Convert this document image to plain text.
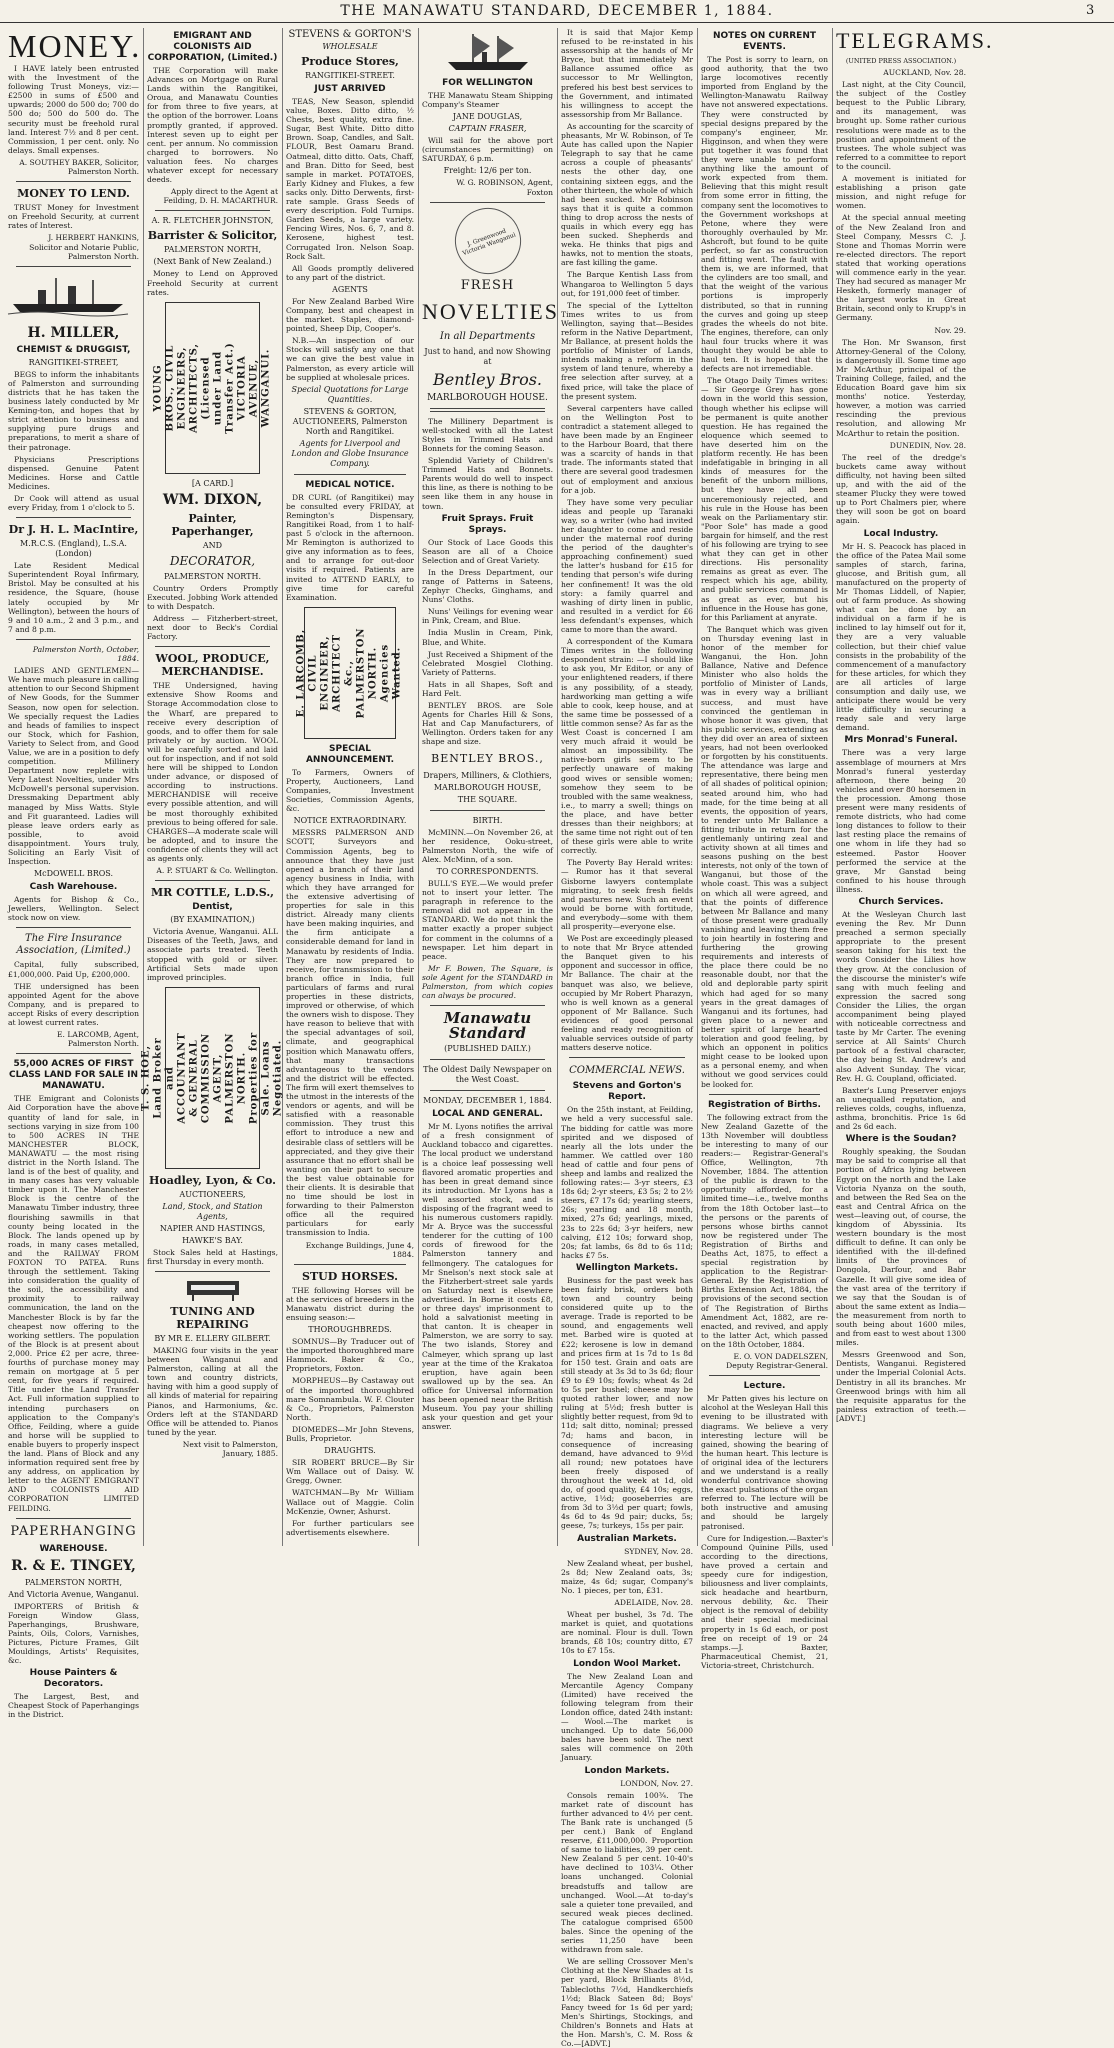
THE MANAWATU STANDARD, DECEMBER 1, 1884.	3
MONEY.

I HAVE lately been entrusted with the Investment of the following Trust Moneys, viz:— £2500 in sums of £500 and upwards; 2000 do 500 do; 700 do 500 do; 500 do 500 do. The security must be freehold rural land. Interest 7½ and 8 per cent. Commission, 1 per cent. only. No delays. Small expenses.

A. SOUTHEY BAKER, Solicitor, Palmerston North.

MONEY TO LEND.

TRUST Money for Investment on Freehold Security, at current rates of Interest.

J. HERBERT HANKINS, Solicitor and Notarie Public, Palmerston North.

H. MILLER,
CHEMIST & DRUGGIST,
RANGITIKEI-STREET,

BEGS to inform the inhabitants of Palmerston and surrounding districts that he has taken the business lately conducted by Mr Keming-ton, and hopes that by strict attention to business and supplying pure drugs and preparations, to merit a share of their patronage.

Physicians Prescriptions dispensed. Genuine Patent Medicines. Horse and Cattle Medicines.

Dr Cook will attend as usual every Friday, from 1 o'clock to 5.

Dr J. H. L. MacIntire,
M.R.C.S. (England), L.S.A. (London)

Late Resident Medical Superintendent Royal Infirmary, Bristol. May be consulted at his residence, the Square, (house lately occupied by Mr Wellington), between the hours of 9 and 10 a.m., 2 and 3 p.m., and 7 and 8 p.m.

Palmerston North, October, 1884.

LADIES AND GENTLEMEN— We have much pleasure in calling attention to our Second Shipment of New Goods, for the Summer Season, now open for selection. We specially request the Ladies and heads of families to inspect our Stock, which for Fashion, Variety to Select from, and Good Value, we are in a position to defy competition. Millinery Department now replete with Very Latest Novelties, under Mrs McDowell's personal supervision. Dressmaking Department ably managed by Miss Watts. Style and Fit guaranteed. Ladies will please leave orders early as possible, to avoid disappointment. Yours truly, Soliciting an Early Visit of Inspection.

McDOWELL BROS.
Cash Warehouse.

Agents for Bishop & Co., Jewellers, Wellington. Select stock now on view.

The Fire Insurance Association, (Limited.)

Capital, fully subscribed, £1,000,000. Paid Up, £200,000.

THE undersigned has been appointed Agent for the above Company, and is prepared to accept Risks of every description at lowest current rates.

E. LARCOMB, Agent, Palmerston North.

55,000 ACRES OF FIRST CLASS LAND FOR SALE IN MANAWATU.

THE Emigrant and Colonists Aid Corporation have the above quantity of land for sale, in sections varying in size from 100 to 500 ACRES IN THE MANCHESTER BLOCK, MANAWATU — the most rising district in the North Island. The land is of the best of quality, and in many cases has very valuable timber upon it. The Manchester Block is the centre of the Manawatu Timber industry, three flourishing sawmills in that county being located in the Block. The lands opened up by roads, in many cases metalled, and the RAILWAY FROM FOXTON TO PATEA. Runs through the settlement. Taking into consideration the quality of the soil, the accessibility and proximity to railway communication, the land on the Manchester Block is by far the cheapest now offering to the working settlers. The population of the Block is at present about 2,000. Price £2 per acre, three-fourths of purchase money may remain on mortgage at 5 per cent, for five years if required. Title under the Land Transfer Act. Full information supplied to intending purchasers on application to the Company's Office, Feilding, where a guide and horse will be supplied to enable buyers to properly inspect the land. Plans of Block and any information required sent free by any address, on application by letter to the AGENT EMIGRANT AND COLONISTS AID CORPORATION LIMITED FEILDING.

PAPERHANGING
WAREHOUSE.
R. & E. TINGEY,
PALMERSTON NORTH,
And Victoria Avenue, Wanganui.

IMPORTERS of British & Foreign Window Glass, Paperhangings, Brushware, Paints, Oils, Colors, Varnishes, Pictures, Picture Frames, Gilt Mouldings, Artists' Requisites, &c.

House Painters & Decorators.

The Largest, Best, and Cheapest Stock of Paperhangings in the District.

EMIGRANT AND COLONISTS AID CORPORATION, (Limited.)

THE Corporation will make Advances on Mortgage on Rural Lands within the Rangitikei, Oroua, and Manawatu Counties for from three to five years, at the option of the borrower. Loans promptly granted, if approved. Interest seven up to eight per cent. per annum. No commission charged to borrowers. No valuation fees. No charges whatever except for necessary deeds.

Apply direct to the Agent at Feilding, D. H. MACARTHUR.

A. R. FLETCHER JOHNSTON,
Barrister & Solicitor,
PALMERSTON NORTH,
(Next Bank of New Zealand.)

Money to Lend on Approved Freehold Security at current rates.

YOUNG BROS., CIVIL ENGINEERS, ARCHITECTS, (Licensed under Land Transfer Act.) VICTORIA AVENUE, WANGANUI.
[A CARD.]
WM. DIXON,
Painter, Paperhanger,
AND
DECORATOR,
PALMERSTON NORTH.

Country Orders Promptly Executed. Jobbing Work attended to with Despatch.

Address — Fitzherbert-street, next door to Beck's Cordial Factory.

WOOL, PRODUCE, MERCHANDISE.

THE Undersigned, having extensive Show Rooms and Storage Accommodation close to the Wharf, are prepared to receive every description of goods, and to offer them for sale privately or by auction. WOOL will be carefully sorted and laid out for inspection, and if not sold here will be shipped to London under advance, or disposed of according to instructions. MERCHANDISE will receive every possible attention, and will be most thoroughly exhibited previous to being offered for sale. CHARGES—A moderate scale will be adopted, and to insure the confidence of clients they will act as agents only.

A. P. STUART & Co. Wellington.

MR COTTLE, L.D.S.,
Dentist,
(BY EXAMINATION,)

Victoria Avenue, Wanganui. ALL Diseases of the Teeth, Jaws, and associate parts treated. Teeth stopped with gold or silver. Artificial Sets made upon improved principles.

T. S. HOE, Land Broker and ACCOUNTANT & GENERAL COMMISSION AGENT, PALMERSTON NORTH. Properties for Sale. Loans Negotiated.
Hoadley, Lyon, & Co.
AUCTIONEERS,
Land, Stock, and Station Agents,
NAPIER AND HASTINGS,
HAWKE'S BAY.

Stock Sales held at Hastings, first Thursday in every month.

TUNING AND REPAIRING
BY MR E. ELLERY GILBERT.

MAKING four visits in the year between Wanganui and Palmerston, calling at all the town and country districts, having with him a good supply of all kinds of material for repairing Pianos, and Harmoniums, &c. Orders left at the STANDARD Office will be attended to. Pianos tuned by the year.

Next visit to Palmerston, January, 1885.

STEVENS & GORTON'S
WHOLESALE
Produce Stores,
RANGITIKEI-STREET.
JUST ARRIVED

TEAS, New Season, splendid value, Boxes. Ditto ditto, ½ Chests, best quality, extra fine. Sugar, Best White. Ditto ditto Brown. Soap, Candles, and Salt. FLOUR, Best Oamaru Brand. Oatmeal, ditto ditto. Oats, Chaff, and Bran. Ditto for Seed, best sample in market. POTATOES, Early Kidney and Flukes, a few sacks only. Ditto Derwents, first-rate sample. Grass Seeds of every description. Fold Turnips. Garden Seeds, a large variety. Fencing Wires, Nos. 6, 7, and 8. Kerosene, highest test. Corrugated Iron. Nelson Soap. Rock Salt.

All Goods promptly delivered to any part of the district.

AGENTS

For New Zealand Barbed Wire Company, best and cheapest in the market. Staples, diamond-pointed, Sheep Dip, Cooper's.

N.B.—An inspection of our Stocks will satisfy any one that we can give the best value in Palmerston, as every article will be supplied at wholesale prices.

Special Quotations for Large Quantities.
STEVENS & GORTON, AUCTIONEERS, Palmerston North and Rangitikei.
Agents for Liverpool and London and Globe Insurance Company.
MEDICAL NOTICE.

DR CURL (of Rangitikei) may be consulted every FRIDAY, at Remington's Dispensary, Rangitikei Road, from 1 to half-past 5 o'clock in the afternoon. Mr Remington is authorized to give any information as to fees, and to arrange for out-door visits if required. Patients are invited to ATTEND EARLY, to give time for careful Examination.

E. LARCOMB, CIVIL ENGINEER, ARCHITECT &c., PALMERSTON NORTH. Agencies Wanted.
SPECIAL ANNOUNCEMENT.

To Farmers, Owners of Property, Auctioneers, Land Companies, Investment Societies, Commission Agents, &c.

NOTICE EXTRAORDINARY.

MESSRS PALMERSON AND SCOTT, Surveyors and Commission Agents, beg to announce that they have just opened a branch of their land agency business in India, with which they have arranged for the extensive advertising of properties for sale in this district. Already many clients have been making inquiries, and the firm anticipate a considerable demand for land in Manawatu by residents of India. They are now prepared to receive, for transmission to their branch office in India, full particulars of farms and rural properties in these districts, improved or otherwise, of which the owners wish to dispose. They have reason to believe that with the special advantages of soil, climate, and geographical position which Manawatu offers, that many transactions advantageous to the vendors and the district will be effected. The firm will exert themselves to the utmost in the interests of the vendors or agents, and will be satisfied with a reasonable commission. They trust this effort to introduce a new and desirable class of settlers will be appreciated, and they give their assurance that no effort shall be wanting on their part to secure the best value obtainable for their clients. It is desirable that no time should be lost in forwarding to their Palmerston office all the required particulars for early transmission to India.

Exchange Buildings, June 4, 1884.

STUD HORSES.

THE following Horses will be at the services of breeders in the Manawatu district during the ensuing season:—

THOROUGHBREDS.

SOMNUS—By Traducer out of the imported thoroughbred mare Hammock. Baker & Co., Proprietors, Foxton.

MORPHEUS—By Castaway out of the imported thoroughbred mare Somnambula. W. F. Clouter & Co., Proprietors, Palmerston North.

DIOMEDES—Mr John Stevens, Bulls, Proprietor.

DRAUGHTS.

SIR ROBERT BRUCE—By Sir Wm Wallace out of Daisy. W. Gregg, Owner.

WATCHMAN—By Mr William Wallace out of Maggie. Colin McKenzie, Owner, Ashurst.

For further particulars see advertisements elsewhere.

FOR WELLINGTON

THE Manawatu Steam Shipping Company's Steamer

JANE DOUGLAS,
CAPTAIN FRASER,

Will sail for the above port (circumstances permitting) on SATURDAY, 6 p.m.

Freight: 12/6 per ton.

W. G. ROBINSON, Agent, Foxton

J. Greenwood Victoria Wanganui
FRESH
NOVELTIES
In all Departments
Just to hand, and now Showing at
Bentley Bros.
MARLBOROUGH HOUSE.

The Millinery Department is well-stocked with all the Latest Styles in Trimmed Hats and Bonnets for the coming Season.

Splendid Variety of Children's Trimmed Hats and Bonnets. Parents would do well to inspect this line, as there is nothing to be seen like them in any house in town.

Fruit Sprays. Fruit Sprays.

Our Stock of Lace Goods this Season are all of a Choice Selection and of Great Variety.

In the Dress Department, our range of Patterns in Sateens, Zephyr Checks, Ginghams, and Nuns' Cloths.

Nuns' Veilings for evening wear in Pink, Cream, and Blue.

India Muslin in Cream, Pink, Blue, and White.

Just Received a Shipment of the Celebrated Mosgiel Clothing. Variety of Patterns.

Hats in all Shapes, Soft and Hard Felt.

BENTLEY BROS. are Sole Agents for Charles Hill & Sons, Hat and Cap Manufacturers, of Wellington. Orders taken for any shape and size.

BENTLEY BROS.,
Drapers, Milliners, & Clothiers,
MARLBOROUGH HOUSE,
THE SQUARE.
BIRTH.

McMINN.—On November 26, at her residence, Ooku-street, Palmerston North, the wife of Alex. McMinn, of a son.

TO CORRESPONDENTS.

BULL'S EYE.—We would prefer not to insert your letter. The paragraph in reference to the removal did not appear in the STANDARD. We do not think the matter exactly a proper subject for comment in the columns of a newspaper. Let him depart in peace.

Mr F. Bowen, The Square, is sole Agent for the STANDARD in Palmerston, from which copies can always be procured.

Manawatu Standard
(PUBLISHED DAILY.)
The Oldest Daily Newspaper on the West Coast.
MONDAY, DECEMBER 1, 1884.
LOCAL AND GENERAL.

Mr M. Lyons notifies the arrival of a fresh consignment of Auckland tobacco and cigarettes. The local product we understand is a choice leaf possessing well flavored aromatic properties and has been in great demand since its introduction. Mr Lyons has a well assorted stock, and is disposing of the fragrant weed to his numerous customers rapidly. Mr A. Bryce was the successful tenderer for the cutting of 100 cords of firewood for the Palmerston tannery and fellmongery. The catalogues for Mr Snelson's next stock sale at the Fitzherbert-street sale yards on Saturday next is elsewhere advertised. In Borne it costs £8, or three days' imprisonment to hold a salvationist meeting in that canton. It is cheaper in Palmerston, we are sorry to say. The two islands, Storey and Calmeyer, which sprang up last year at the time of the Krakatoa eruption, have again been swallowed up by the sea. An office for Universal information has been opened near the British Museum. You pay your shilling ask your question and get your answer.

It is said that Major Kemp refused to be re-instated in his assessorship at the hands of Mr Bryce, but that immediately Mr Ballance assumed office as successor to Mr Wellington, prefered his best best services to the Government, and intimated his willingness to accept the assessorship from Mr Ballance.

As accounting for the scarcity of pheasants, Mr W. Robinson, of Te Aute has called upon the Napier Telegraph to say that he came across a couple of pheasants' nests the other day, one containing sixteen eggs, and the other thirteen, the whole of which had been sucked. Mr Robinson says that it is quite a common thing to drop across the nests of quails in which every egg has been sucked. Shepherds and weka. He thinks that pigs and hawks, not to mention the stoats, are fast killing the game.

The Barque Kentish Lass from Whangaroa to Wellington 5 days out, for 191,000 feet of timber.

The special of the Lyttelton Times writes to us from Wellington, saying that—Besides reform in the Native Department, Mr Ballance, at present holds the portfolio of Minister of Lands, intends making a reform in the system of land tenure, whereby a free selection after survey, at a fixed price, will take the place of the present system.

Several carpenters have called on the Wellington Post to contradict a statement alleged to have been made by an Engineer to the Harbour Board, that there was a scarcity of hands in that trade. The informants stated that there are several good tradesmen out of employment and anxious for a job.

They have some very peculiar ideas and people up Taranaki way, so a writer (who had invited her daughter to come and reside under the maternal roof during the period of the daughter's approaching confinement) sued the latter's husband for £15 for tending that person's wife during her confinement! It was the old story: a family quarrel and washing of dirty linen in public, and resulted in a verdict for £6 less defendant's expenses, which came to more than the award.

A correspondent of the Kumara Times writes in the following despondent strain: —I should like to ask you, Mr Editor, or any of your enlightened readers, if there is any possibility, of a steady, hardworking man getting a wife able to cook, keep house, and at the same time be possessed of a little common sense? As far as the West Coast is concerned I am very much afraid it would be almost an impossibility. The native-born girls seem to be perfectly unaware of making good wives or sensible women; somehow they seem to be troubled with the same weakness, i.e., to marry a swell; things on the place, and have better dresses than their neighbors; at the same time not right out of ten of these girls were able to write correctly.

The Poverty Bay Herald writes:— Rumor has it that several Gisborne lawyers contemplate migrating, to seek fresh fields and pastures new. Such an event would be borne with fortitude, and everybody—some with them all prosperity—everyone else.

We Post are exceedingly pleased to note that Mr Bryce attended the Banquet given to his opponent and successor in office, Mr Ballance. The chair at the banquet was also, we believe, occupied by Mr Robert Pharazyn, who is well known as a general opponent of Mr Ballance. Such evidences of good personal feeling and ready recognition of valuable services outside of party matters deserve notice.

COMMERCIAL NEWS.
Stevens and Gorton's Report.

On the 25th instant, at Feilding, we held a very successful sale. The bidding for cattle was more spirited and we disposed of nearly all the lots under the hammer. We cattled over 180 head of cattle and four pens of sheep and lambs and realized the following rates:— 3-yr steers, £3 18s 6d; 2-yr steers, £3 5s; 2 to 2½ steers, £7 17s 6d; yearling steers, 26s; yearling and 18 month, mixed, 27s 6d; yearlings, mixed, 23s to 22s 6d; 3-yr heifers, new calving, £12 10s; forward shop, 20s; fat lambs, 6s 8d to 6s 11d; hacks £7 5s.

Wellington Markets.

Business for the past week has been fairly brisk, orders both town and country being considered quite up to the average. Trade is reported to be sound, and engagements well met. Barbed wire is quoted at £22; kerosene is low in demand and prices firm at 1s 7d to 1s 8d for 150 test. Grain and oats are still steady at 3s 3d to 3s 6d; flour £9 to £9 10s; fowls; wheat 4s 2d to 5s per bushel; cheese may be quoted rather lower, and now ruling at 5½d; fresh butter is slightly better request, from 9d to 11d; salt ditto, nominal; pressed 7d; hams and bacon, in consequence of increasing demand, have advanced to 9½d all round; new potatoes have been freely disposed of throughout the week at 1d, old do, of good quality, £4 10s; eggs, active, 1½d; gooseberries are from 3d to 3½d per quart; fowls, 4s 6d to 4s 9d pair; ducks, 5s; geese, 7s; turkeys, 15s per pair.

Australian Markets.

SYDNEY, Nov. 28.

New Zealand wheat, per bushel, 2s 8d; New Zealand oats, 3s; maize, 4s 6d; sugar, Company's No. 1 pieces, per ton, £31.

ADELAIDE, Nov. 28.

Wheat per bushel, 3s 7d. The market is quiet, and quotations are nominal. Flour is dull. Town brands, £8 10s; country ditto, £7 10s to £7 15s.

London Wool Market.

The New Zealand Loan and Mercantile Agency Company (Limited) have received the following telegram from their London office, dated 24th instant:— Wool.—The market is unchanged. Up to date 56,000 bales have been sold. The next sales will commence on 20th January.

London Markets.

LONDON, Nov. 27.

Consols remain 100¾. The market rate of discount has further advanced to 4½ per cent. The Bank rate is unchanged (5 per cent.) Bank of England reserve, £11,000,000. Proportion of same to liabilities, 39 per cent. New Zealand 5 per cent. 10-40's have declined to 103¼. Other loans unchanged. Colonial breadstuffs and tallow are unchanged. Wool.—At to-day's sale a quieter tone prevailed, and secured weak pieces declined. The catalogue comprised 6500 bales. Since the opening of the series 11,250 have been withdrawn from sale.

We are selling Crossover Men's Clothing at the New Shades at 1s per yard, Block Brilliants 8½d, Tablecloths 7½d, Handkerchiefs 1½d; Black Sateen 8d; Boys' Fancy tweed for 1s 6d per yard; Men's Shirtings, Stockings, and Children's Bonnets and Hats at the Hon. Marsh's, C. M. Ross & Co.—[ADVT.]

NOTES ON CURRENT EVENTS.

The Post is sorry to learn, on good authority, that the two large locomotives recently imported from England by the Wellington-Manawatu Railway have not answered expectations. They were constructed by special designs prepared by the company's engineer, Mr. Higginson, and when they were put together it was found that they were unable to perform anything like the amount of work expected from them. Believing that this might result from some error in fitting, the company sent the locomotives to the Government workshops at Petone, where they were thoroughly overhauled by Mr. Ashcroft, but found to be quite perfect, so far as construction and fitting went. The fault with them is, we are informed, that the cylinders are too small, and that the weight of the various portions is improperly distributed, so that in running the curves and going up steep grades the wheels do not bite. The engines, therefore, can only haul four trucks where it was thought they would be able to haul ten. It is hoped that the defects are not irremediable.

The Otago Daily Times writes:— Sir George Grey has gone down in the world this session, though whether his eclipse will be permanent is quite another question. He has regained the eloquence which seemed to have deserted him on the platform recently. He has been indefatigable in bringing in all kinds of measures for the benefit of the unborn millions, but they have all been unceremoniously rejected, and his rule in the House has been weak on the Parliamentary stir. "Poor Sole" has made a good bargain for himself, and the rest of his following are trying to see what they can get in other directions. His personality remains as great as ever. The respect which his age, ability, and public services command is as great as ever, but his influence in the House has gone, for this Parliament at anyrate.

The Banquet which was given on Thursday evening last in honor of the member for Wanganui, the Hon. John Ballance, Native and Defence Minister who also holds the portfolio of Minister of Lands, was in every way a brilliant success, and must have convinced the gentleman in whose honor it was given, that his public services, extending as they did over an area of sixteen years, had not been overlooked or forgotten by his constituents. The attendance was large and representative, there being men of all shades of political opinion; seated around him, who had made, for the time being at all events, the opposition of years, to render unto Mr Ballance a fitting tribute in return for the gentlemanly untiring zeal and activity shown at all times and seasons pushing on the best interests, not only of the town of Wanganui, but those of the whole coast. This was a subject on which all were agreed, and that the points of difference between Mr Ballance and many of those present were gradually vanishing and leaving them free to join heartily in fostering and furthering the growing requirements and interests of the place there could be no reasonable doubt, nor that the old and deplorable party spirit which had aged for so many years in the great damages of Wanganui and its fortunes, had given place to a newer and better spirit of large hearted toleration and good feeling, by which an opponent in politics might cease to be looked upon as a personal enemy, and when without we good services could be looked for.

Registration of Births.

The following extract from the New Zealand Gazette of the 13th November will doubtless be interesting to many of our readers:— Registrar-General's Office, Wellington, 7th November, 1884. The attention of the public is drawn to the opportunity afforded, for a limited time—i.e., twelve months from the 18th October last—to the persons or the parents of persons whose births cannot now be registered under The Registration of Births and Deaths Act, 1875, to effect a special registration by application to the Registrar-General. By the Registration of Births Extension Act, 1884, the provisions of the second section of The Registration of Births Amendment Act, 1882, are re-enacted, and revived, and apply to the latter Act, which passed on the 18th October, 1884.

E. O. VON DADELSZEN, Deputy Registrar-General.

Lecture.

Mr Patten gives his lecture on alcohol at the Wesleyan Hall this evening to be illustrated with diagrams. We believe a very interesting lecture will be gained, showing the bearing of the human heart. This lecture is of original idea of the lecturers and we understand is a really wonderful contrivance showing the exact pulsations of the organ referred to. The lecture will be both instructive and amusing and should be largely patronised.

Cure for Indigestion.—Baxter's Compound Quinine Pills, used according to the directions, have proved a certain and speedy cure for indigestion, biliousness and liver complaints, sick headache and heartburn, nervous debility, &c. Their object is the removal of debility and their special medicinal property in 1s 6d each, or post free on receipt of 19 or 24 stamps.—J. Baxter, Pharmaceutical Chemist, 21, Victoria-street, Christchurch.

TELEGRAMS.
(UNITED PRESS ASSOCIATION.)

AUCKLAND, Nov. 28.

Last night, at the City Council, the subject of the Costley bequest to the Public Library, and its management, was brought up. Some rather curious resolutions were made as to the position and appointment of the trustees. The whole subject was referred to a committee to report to the council.

A movement is initiated for establishing a prison gate mission, and night refuge for women.

At the special annual meeting of the New Zealand Iron and Steel Company, Messrs C. J. Stone and Thomas Morrin were re-elected directors. The report stated that working operations will commence early in the year. They had secured as manager Mr Hesketh, formerly manager of the largest works in Great Britain, second only to Krupp's in Germany.

Nov. 29.

The Hon. Mr Swanson, first Attorney-General of the Colony, is dangerously ill. Some time ago Mr McArthur, principal of the Training College, failed, and the Education Board gave him six months' notice. Yesterday, however, a motion was carried rescinding the previous resolution, and allowing Mr McArthur to retain the position.

DUNEDIN, Nov. 28.

The reel of the dredge's buckets came away without difficulty, not having been silted up, and with the aid of the steamer Plucky they were towed up to Port Chalmers pier, where they will soon be got on board again.

Local Industry.

Mr H. S. Peacock has placed in the office of the Patea Mail some samples of starch, farina, glucose, and British gum, all manufactured on the property of Mr Thomas Liddell, of Napier, out of farm produce. As showing what can be done by an individual on a farm if he is inclined to lay himself out for it, they are a very valuable collection, but their chief value consists in the probability of the commencement of a manufactory for these articles, for which they are all articles of large consumption and daily use, we anticipate there would be very little difficulty in securing a ready sale and very large demand.

Mrs Monrad's Funeral.

There was a very large assemblage of mourners at Mrs Monrad's funeral yesterday afternoon, there being 20 vehicles and over 80 horsemen in the procession. Among those present were many residents of remote districts, who had come long distances to follow to their last resting place the remains of one whom in life they had so esteemed. Pastor Hoover performed the service at the grave, Mr Ganstad being confined to his house through illness.

Church Services.

At the Wesleyan Church last evening the Rev. Mr Dunn preached a sermon specially appropriate to the present season taking for his text the words Consider the Lilies how they grow. At the conclusion of the discourse the minister's wife sang with much feeling and expression the sacred song Consider the Lilies, the organ accompaniment being played with noticeable correctness and taste by Mr Carter. The evening service at All Saints' Church partook of a festival character, the day being St. Andrew's and also Advent Sunday. The vicar, Rev. H. G. Coupland, officiated.

Baxter's Lung Preserver enjoys an unequalled reputation, and relieves colds, coughs, influenza, asthma, bronchitis. Price 1s 6d and 2s 6d each.

Where is the Soudan?

Roughly speaking, the Soudan may be said to comprise all that portion of Africa lying between Egypt on the north and the Lake Victoria Nyanza on the south, and between the Red Sea on the east and Central Africa on the west—leaving out, of course, the kingdom of Abyssinia. Its western boundary is the most difficult to define. It can only be identified with the ill-defined limits of the provinces of Dongola, Darfour, and Bahr Gazelle. It will give some idea of the vast area of the territory if we say that the Soudan is of about the same extent as India—the measurement from north to south being about 1600 miles, and from east to west about 1300 miles.

Messrs Greenwood and Son, Dentists, Wanganui. Registered under the Imperial Colonial Acts. Dentistry in all its branches. Mr Greenwood brings with him all the requisite apparatus for the painless extraction of teeth.—[ADVT.]
